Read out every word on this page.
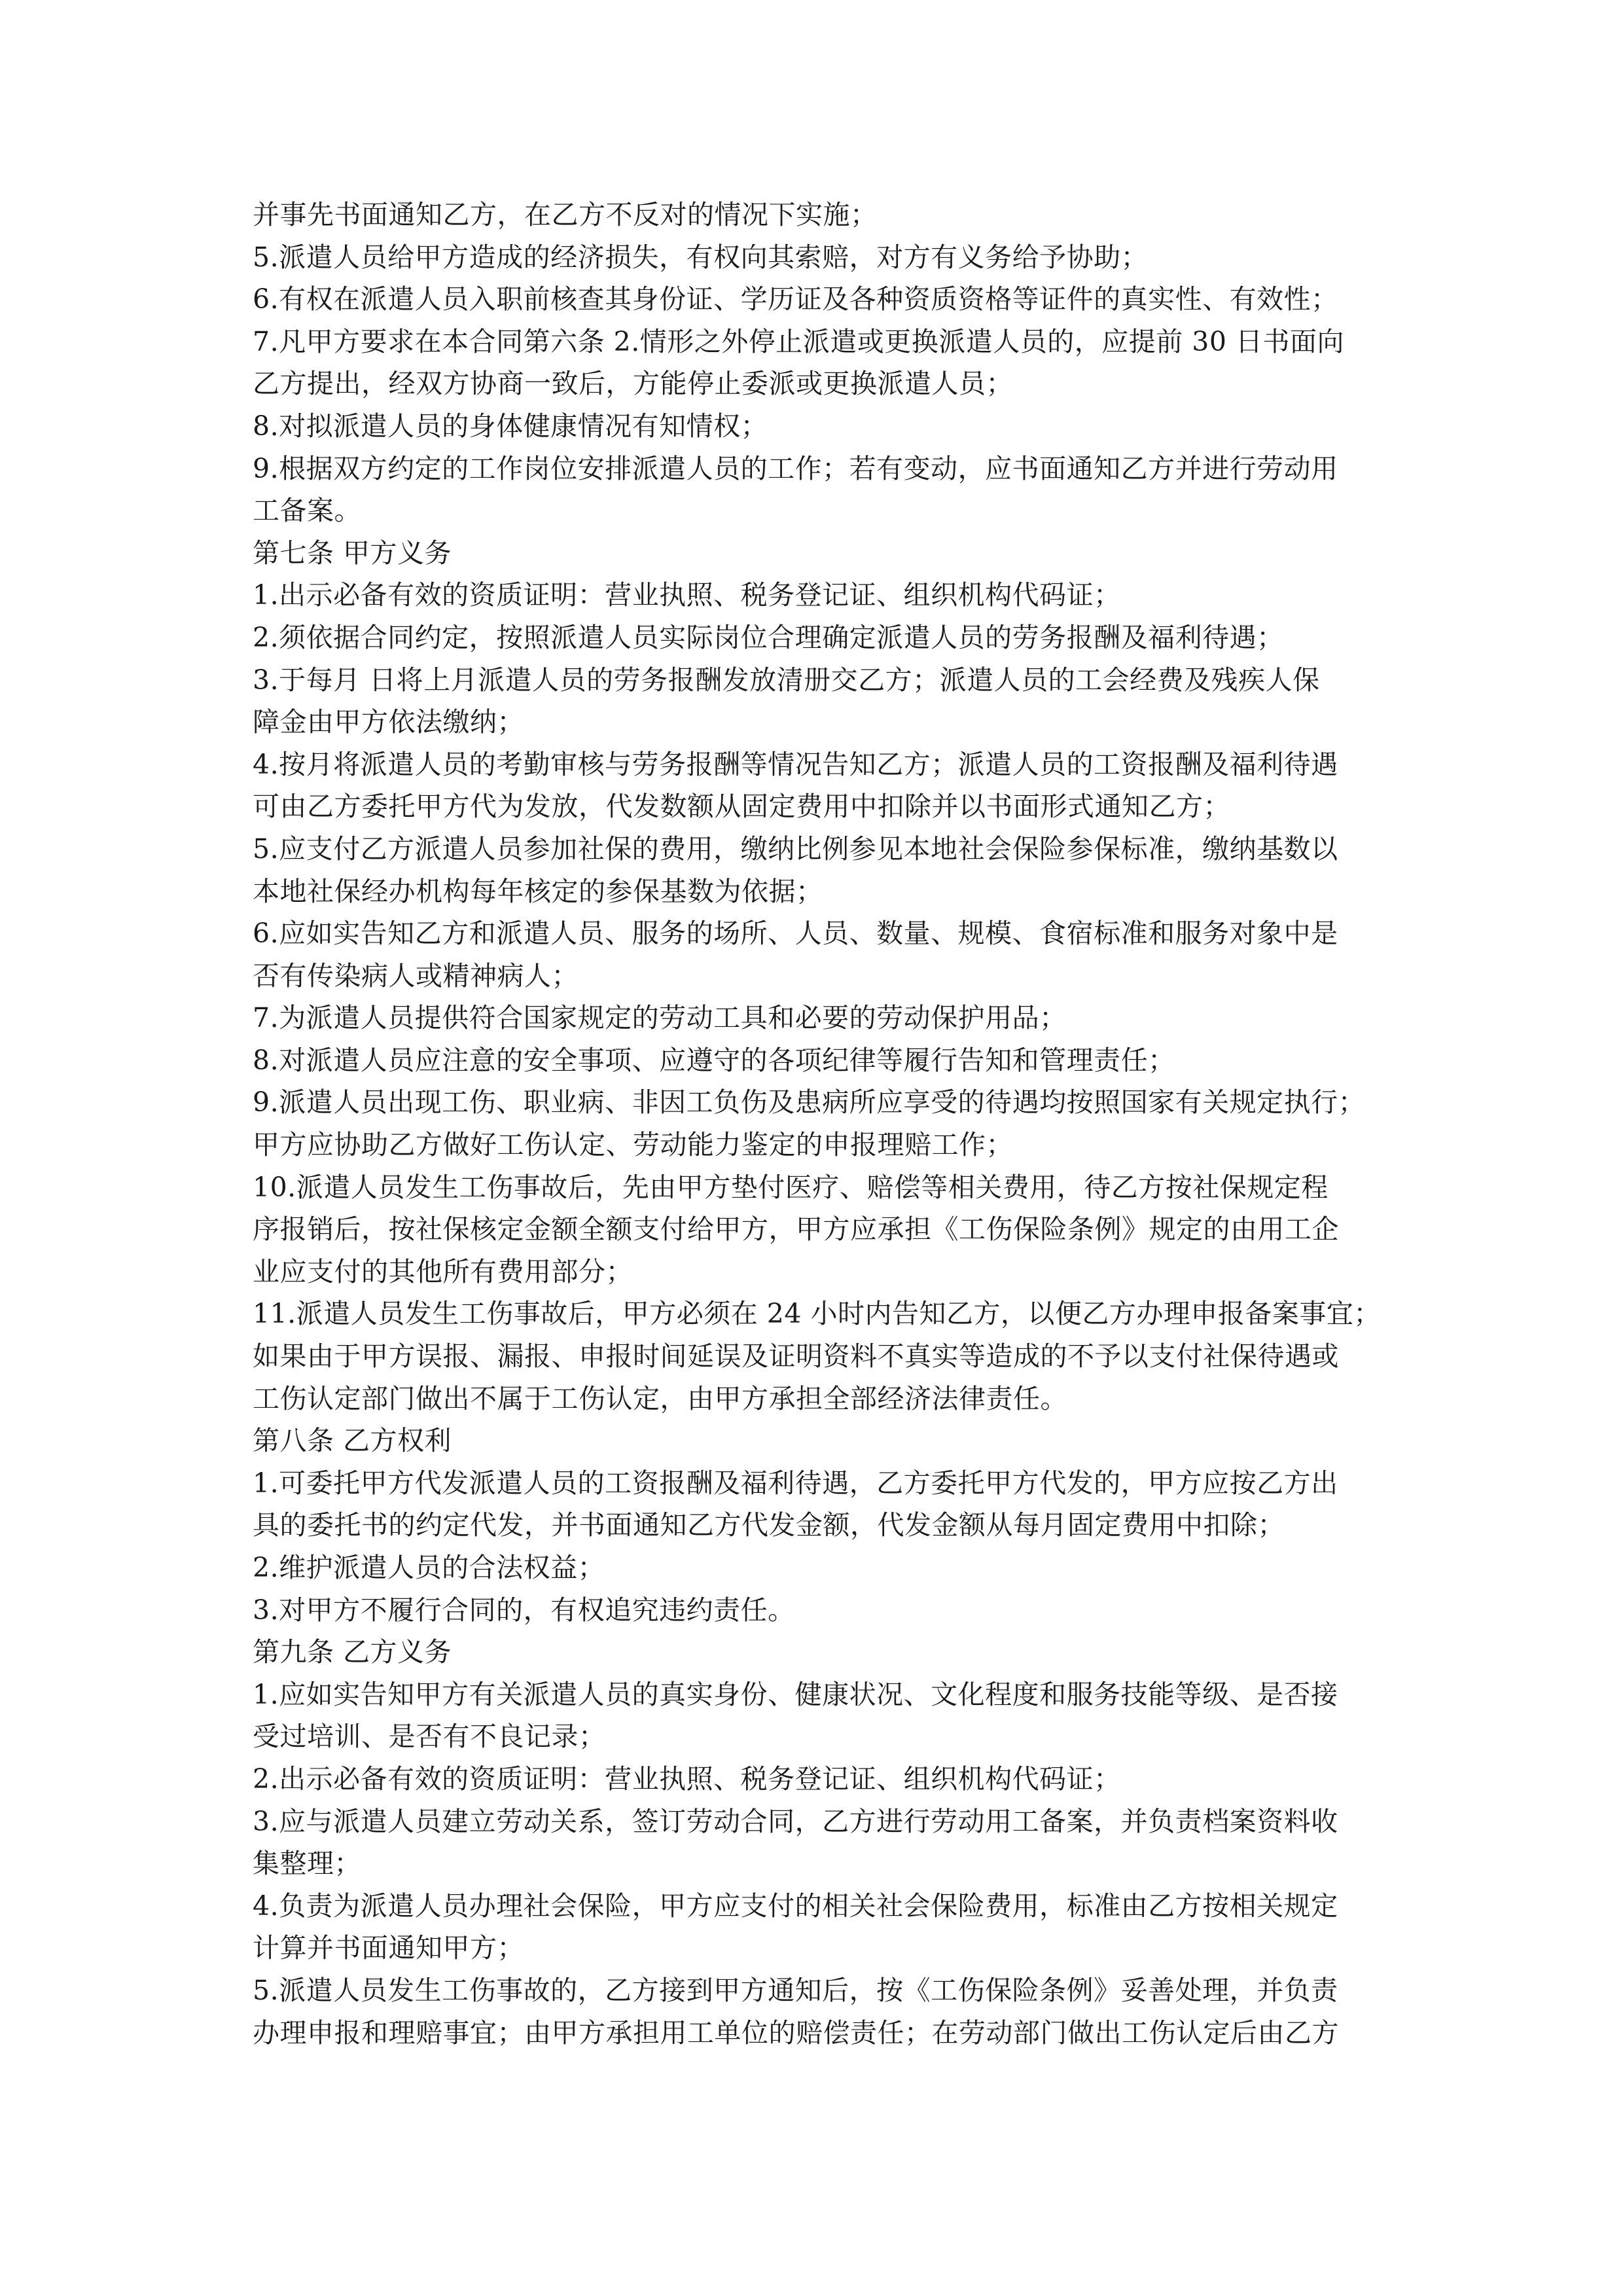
并事先书面通知乙方，在乙方不反对的情况下实施；
5.派遣人员给甲方造成的经济损失，有权向其索赔，对方有义务给予协助；
6.有权在派遣人员入职前核查其身份证、学历证及各种资质资格等证件的真实性、有效性；
7.凡甲方要求在本合同第六条 2.情形之外停止派遣或更换派遣人员的，应提前 30 日书面向
乙方提出，经双方协商一致后，方能停止委派或更换派遣人员；
8.对拟派遣人员的身体健康情况有知情权；
9.根据双方约定的工作岗位安排派遣人员的工作；若有变动，应书面通知乙方并进行劳动用
工备案。
第七条 甲方义务
1.出示必备有效的资质证明：营业执照、税务登记证、组织机构代码证；
2.须依据合同约定，按照派遣人员实际岗位合理确定派遣人员的劳务报酬及福利待遇；
3.于每月 日将上月派遣人员的劳务报酬发放清册交乙方；派遣人员的工会经费及残疾人保
障金由甲方依法缴纳；
4.按月将派遣人员的考勤审核与劳务报酬等情况告知乙方；派遣人员的工资报酬及福利待遇
可由乙方委托甲方代为发放，代发数额从固定费用中扣除并以书面形式通知乙方；
5.应支付乙方派遣人员参加社保的费用，缴纳比例参见本地社会保险参保标准，缴纳基数以
本地社保经办机构每年核定的参保基数为依据；
6.应如实告知乙方和派遣人员、服务的场所、人员、数量、规模、食宿标准和服务对象中是
否有传染病人或精神病人；
7.为派遣人员提供符合国家规定的劳动工具和必要的劳动保护用品；
8.对派遣人员应注意的安全事项、应遵守的各项纪律等履行告知和管理责任；
9.派遣人员出现工伤、职业病、非因工负伤及患病所应享受的待遇均按照国家有关规定执行；
甲方应协助乙方做好工伤认定、劳动能力鉴定的申报理赔工作；
10.派遣人员发生工伤事故后，先由甲方垫付医疗、赔偿等相关费用，待乙方按社保规定程
序报销后，按社保核定金额全额支付给甲方，甲方应承担《工伤保险条例》规定的由用工企
业应支付的其他所有费用部分；
11.派遣人员发生工伤事故后，甲方必须在 24 小时内告知乙方，以便乙方办理申报备案事宜；
如果由于甲方误报、漏报、申报时间延误及证明资料不真实等造成的不予以支付社保待遇或
工伤认定部门做出不属于工伤认定，由甲方承担全部经济法律责任。
第八条 乙方权利
1.可委托甲方代发派遣人员的工资报酬及福利待遇，乙方委托甲方代发的，甲方应按乙方出
具的委托书的约定代发，并书面通知乙方代发金额，代发金额从每月固定费用中扣除；
2.维护派遣人员的合法权益；
3.对甲方不履行合同的，有权追究违约责任。
第九条 乙方义务
1.应如实告知甲方有关派遣人员的真实身份、健康状况、文化程度和服务技能等级、是否接
受过培训、是否有不良记录；
2.出示必备有效的资质证明：营业执照、税务登记证、组织机构代码证；
3.应与派遣人员建立劳动关系，签订劳动合同，乙方进行劳动用工备案，并负责档案资料收
集整理；
4.负责为派遣人员办理社会保险，甲方应支付的相关社会保险费用，标准由乙方按相关规定
计算并书面通知甲方；
5.派遣人员发生工伤事故的，乙方接到甲方通知后，按《工伤保险条例》妥善处理，并负责
办理申报和理赔事宜；由甲方承担用工单位的赔偿责任；在劳动部门做出工伤认定后由乙方
